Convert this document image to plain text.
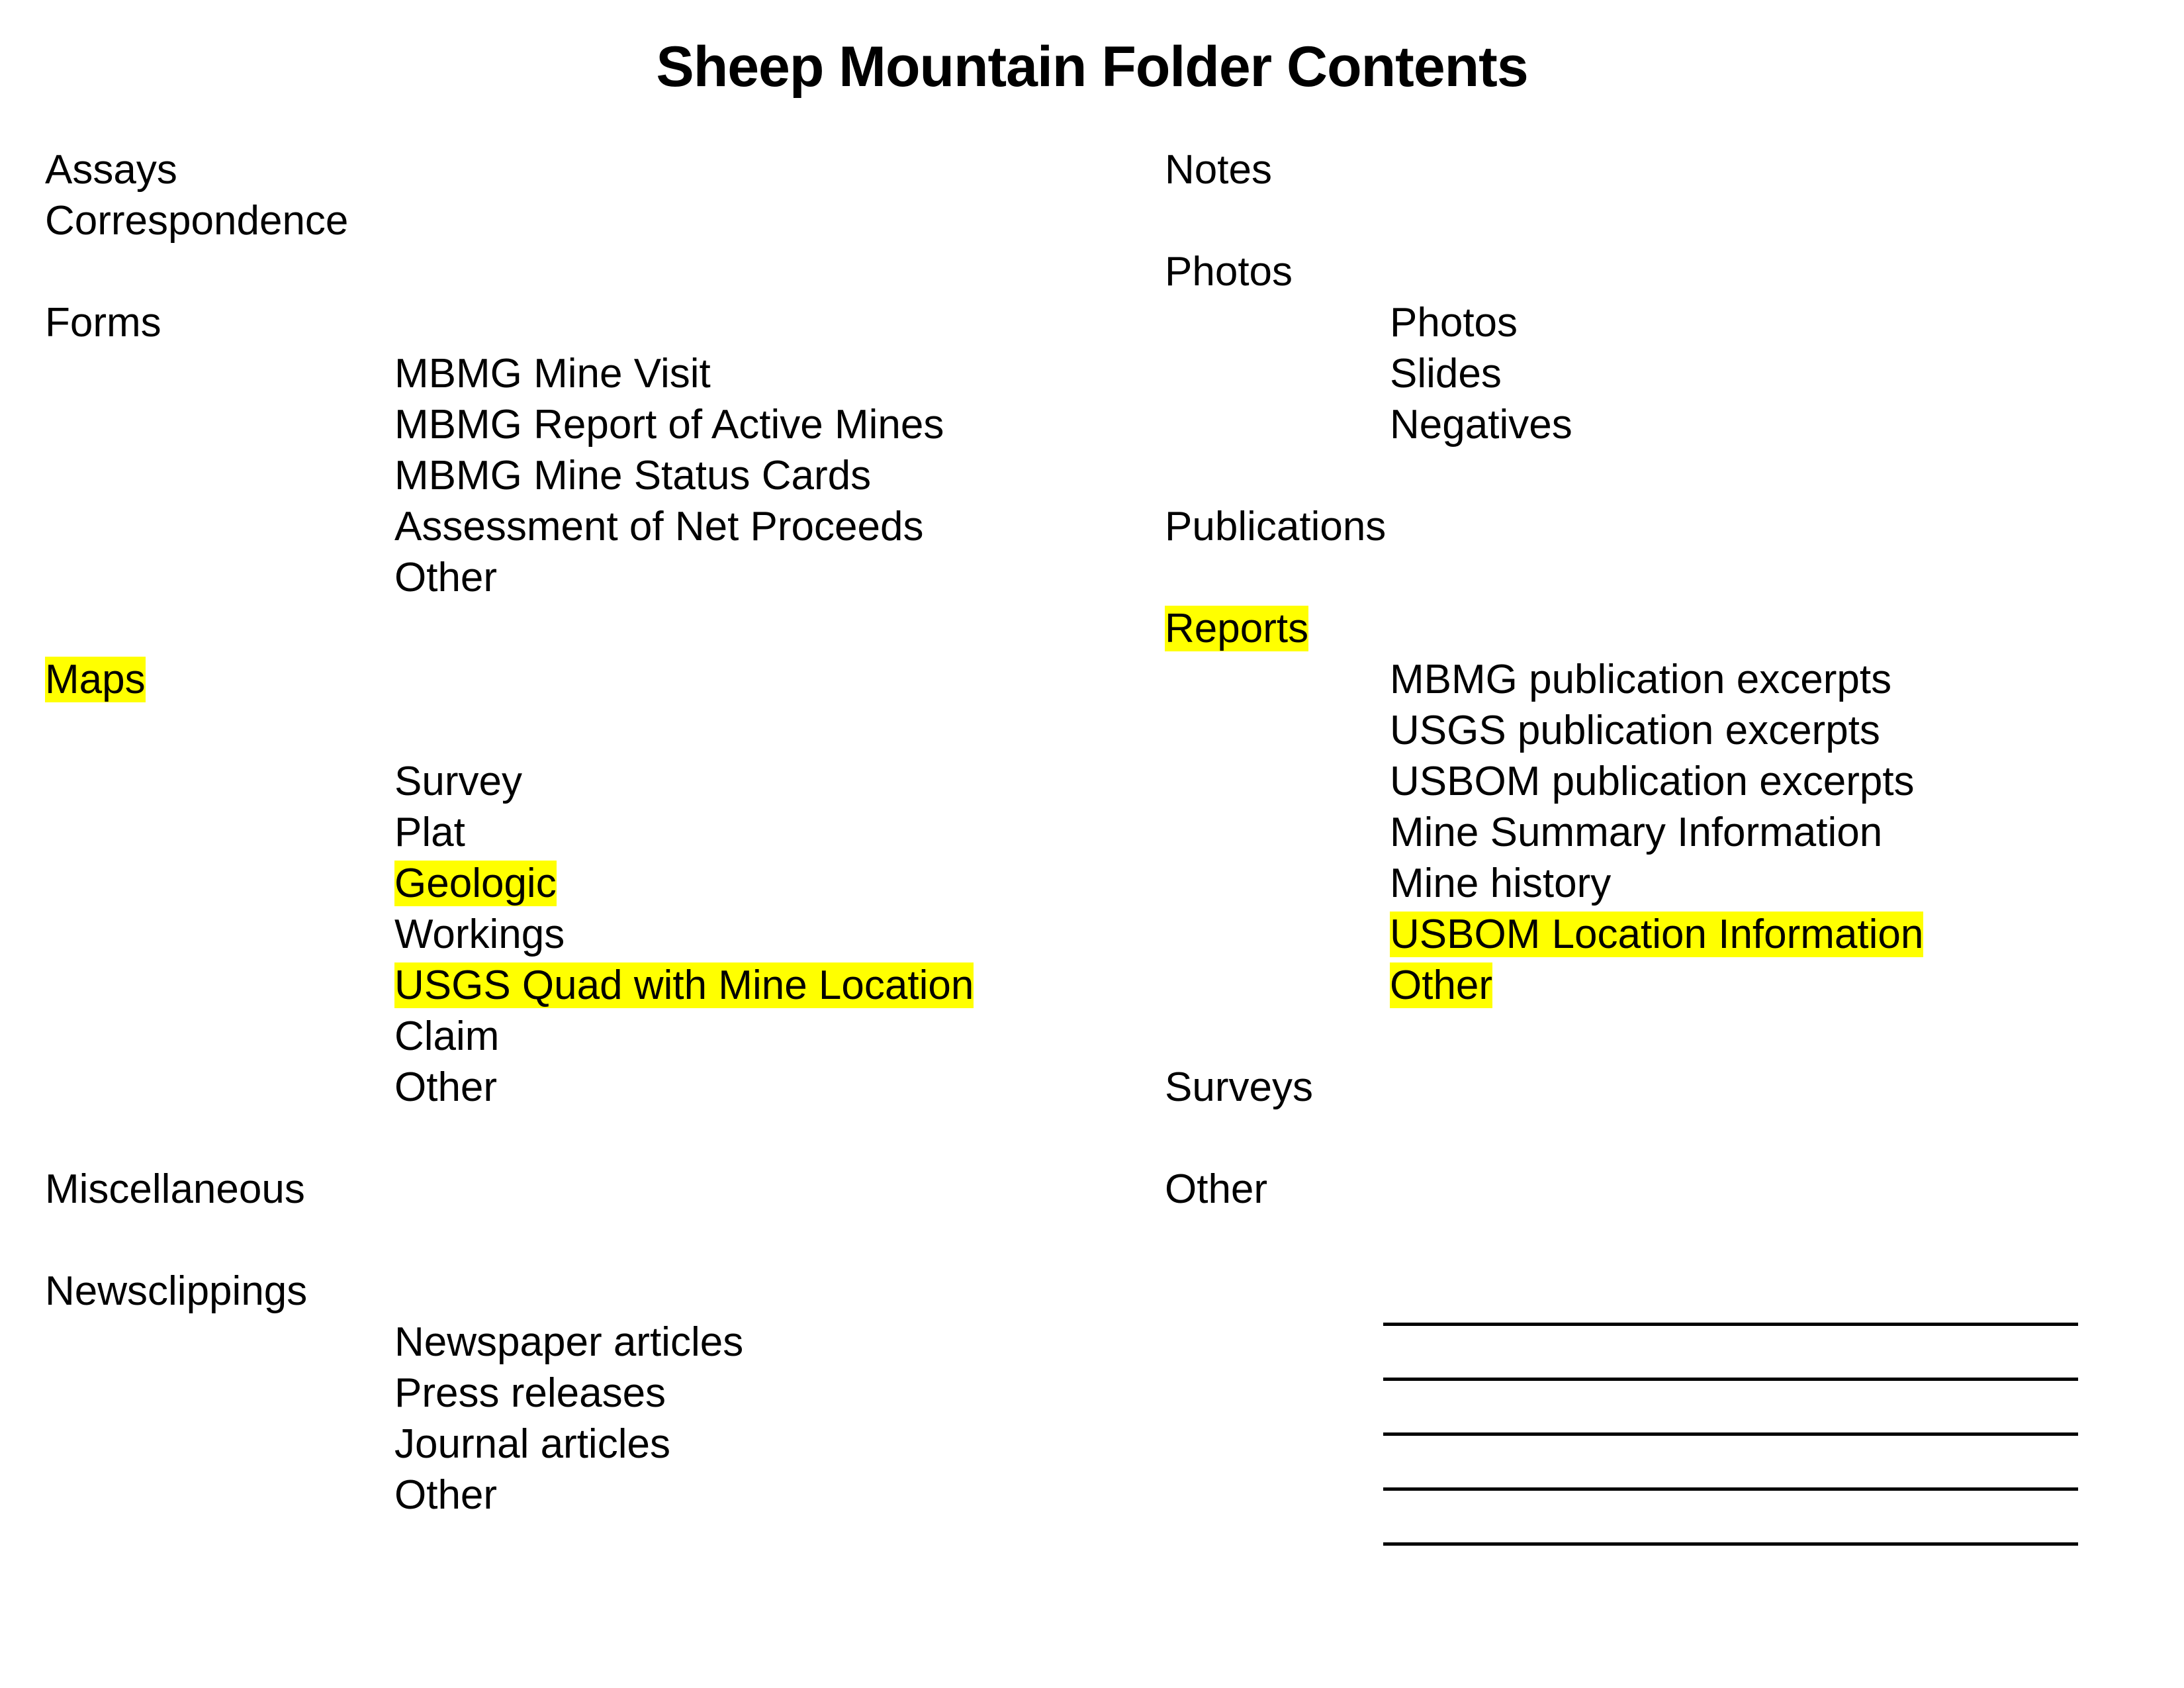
Sheep Mountain Folder Contents
Assays
Correspondence
Forms
MBMG Mine Visit
MBMG Report of Active Mines
MBMG Mine Status Cards
Assessment of Net Proceeds
Other
Maps
Survey
Plat
Geologic
Workings
USGS Quad with Mine Location
Claim
Other
Miscellaneous
Newsclippings
Newspaper articles
Press releases
Journal articles
Other
Notes
Photos
Photos
Slides
Negatives
Publications
Reports
MBMG publication excerpts
USGS publication excerpts
USBOM publication excerpts
Mine Summary Information
Mine history
USBOM Location Information
Other
Surveys
Other
